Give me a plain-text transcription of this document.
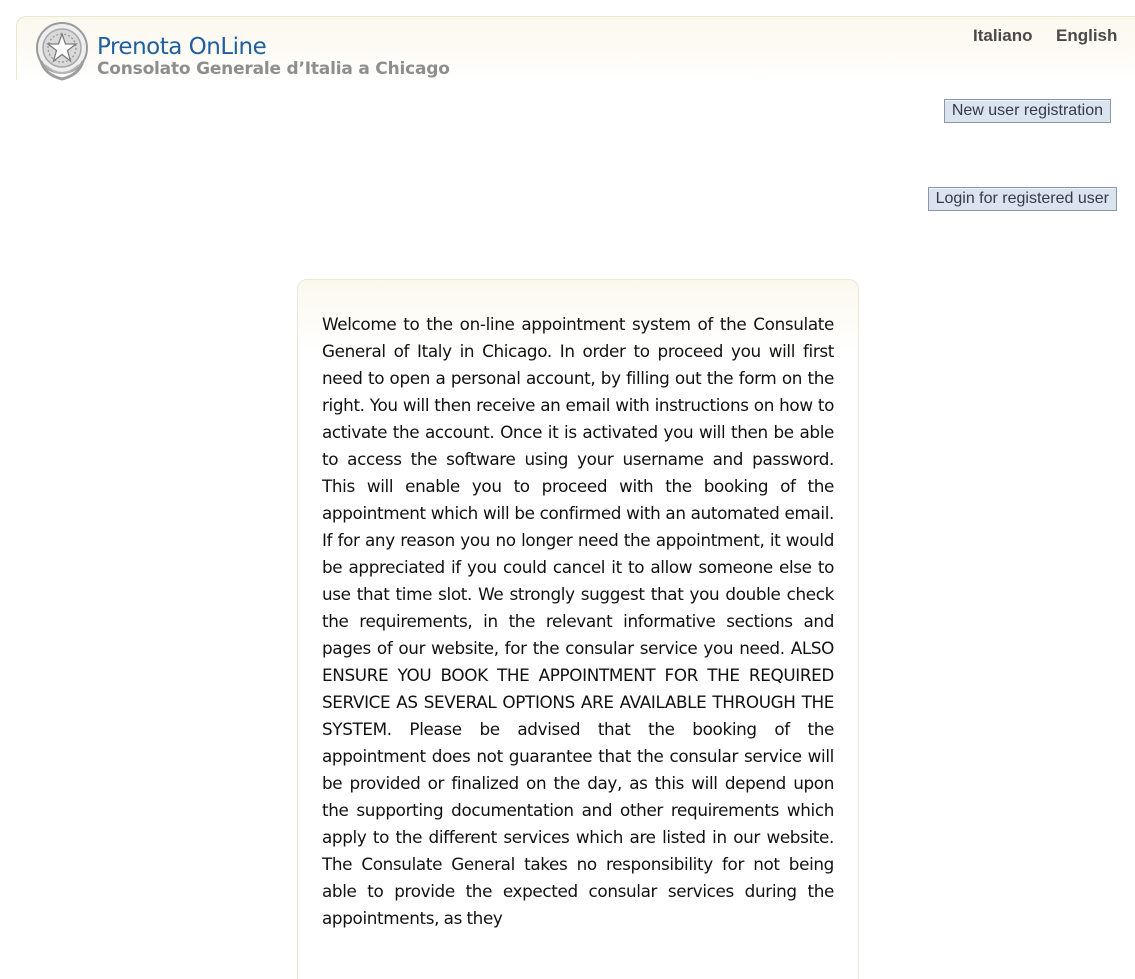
Prenota OnLine
Consolato Generale d’Italia a Chicago
Italiano English
New user registration
Login for registered user

Welcome to the on-line appointment system of the Consulate General of Italy in Chicago. In order to proceed you will first need to open a personal account, by filling out the form on the right. You will then receive an email with instructions on how to activate the account. Once it is activated you will then be able to access the software using your username and password. This will enable you to proceed with the booking of the appointment which will be confirmed with an automated email. If for any reason you no longer need the appointment, it would be appreciated if you could cancel it to allow someone else to use that time slot. We strongly suggest that you double check the requirements, in the relevant informative sections and pages of our website, for the consular service you need. ALSO ENSURE YOU BOOK THE APPOINTMENT FOR THE REQUIRED SERVICE AS SEVERAL OPTIONS ARE AVAILABLE THROUGH THE SYSTEM. Please be advised that the booking of the appointment does not guarantee that the consular service will be provided or finalized on the day, as this will depend upon the supporting documentation and other requirements which apply to the different services which are listed in our website. The Consulate General takes no responsibility for not being able to provide the expected consular services during the appointments, as they
